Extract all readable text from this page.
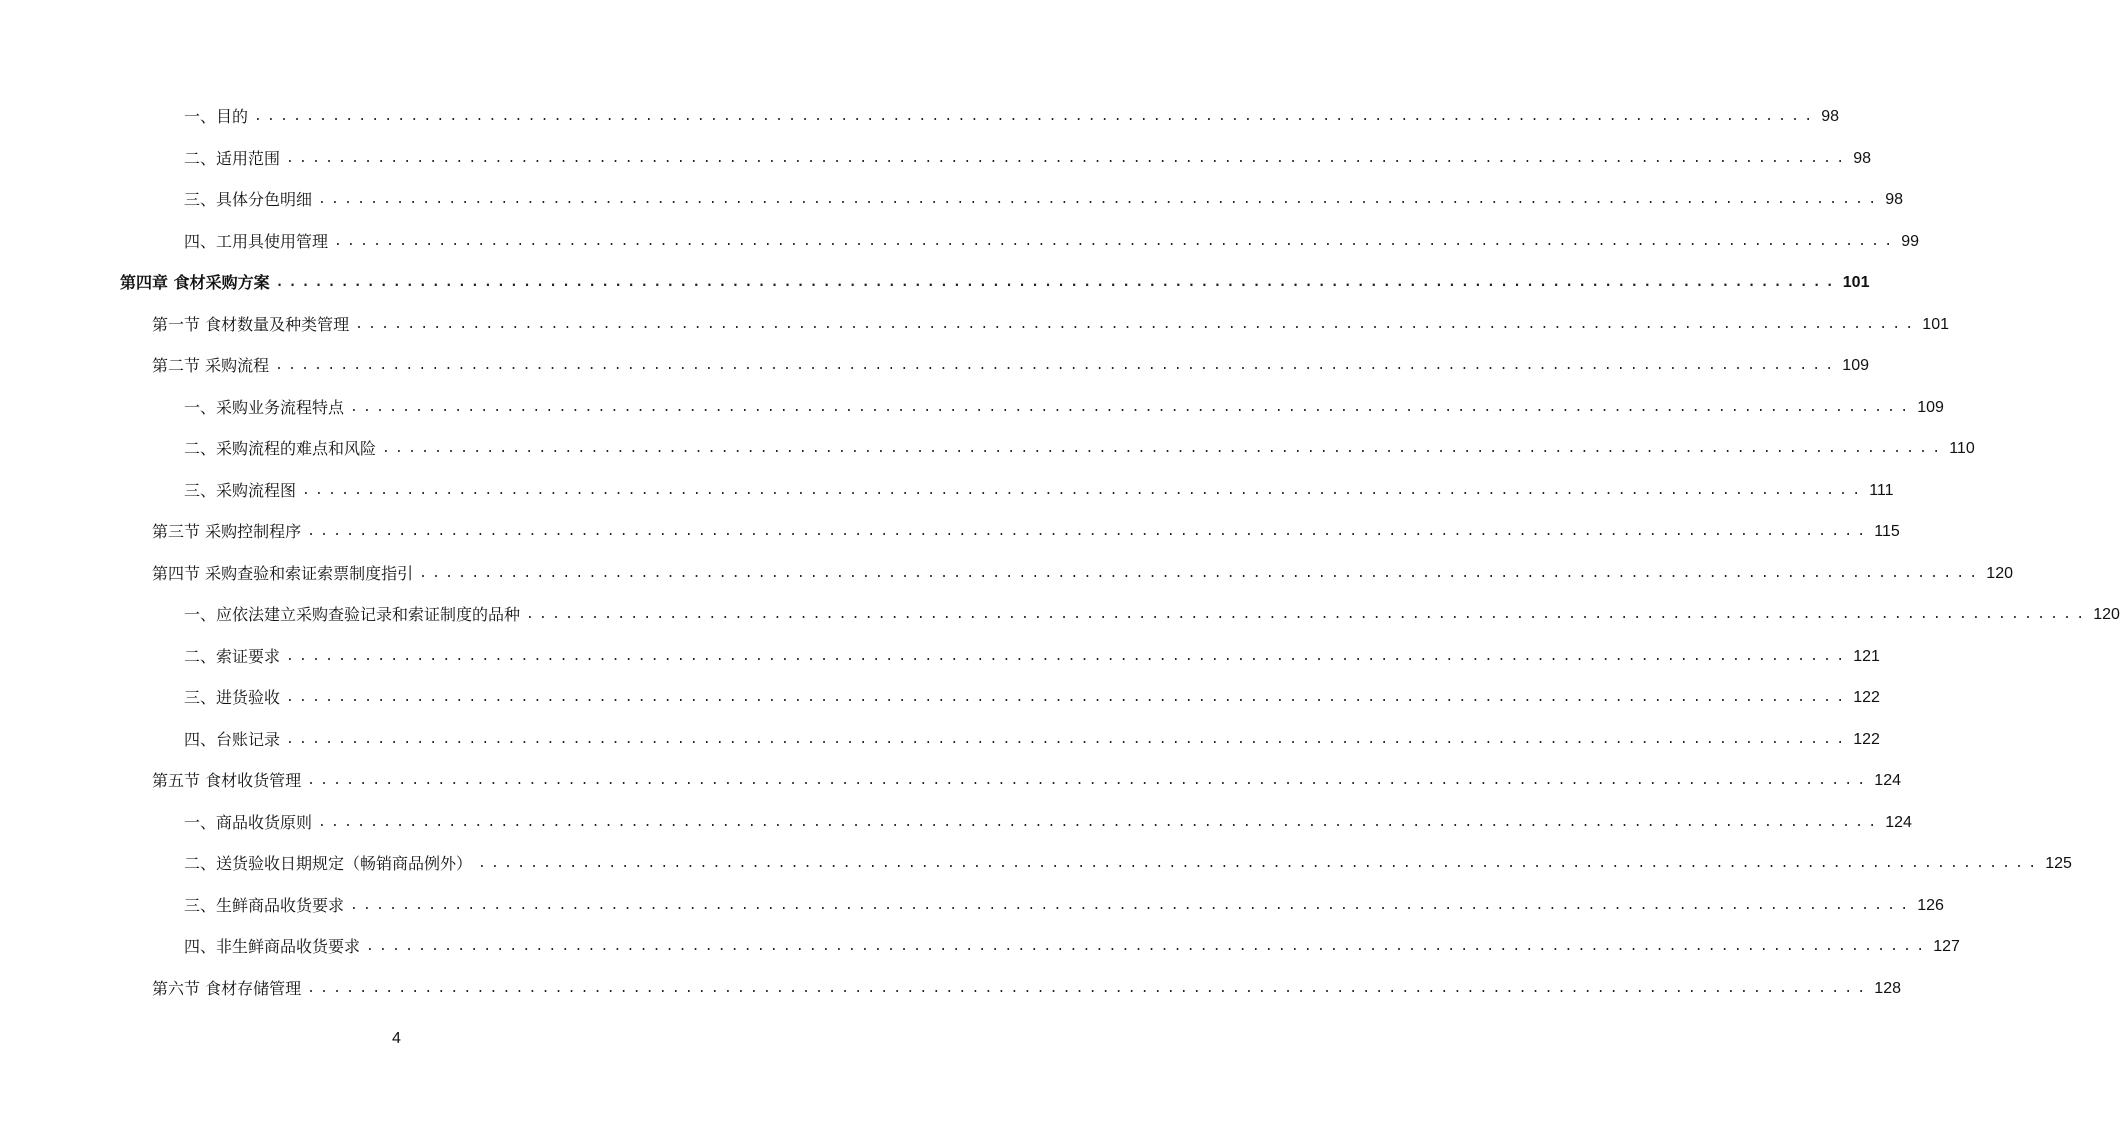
一、目的 ........................................................................................................................ 98
二、适用范围 ........................................................................................................................ 98
三、具体分色明细 ........................................................................................................................ 98
四、工用具使用管理 ........................................................................................................................ 99
第四章 食材采购方案 ........................................................................................................................ 101
第一节 食材数量及种类管理 ........................................................................................................................ 101
第二节 采购流程 ........................................................................................................................ 109
一、采购业务流程特点 ........................................................................................................................ 109
二、采购流程的难点和风险 ........................................................................................................................ 110
三、采购流程图 ........................................................................................................................ 111
第三节 采购控制程序 ........................................................................................................................ 115
第四节 采购查验和索证索票制度指引 ........................................................................................................................ 120
一、应依法建立采购查验记录和索证制度的品种 ........................................................................................................................ 120
二、索证要求 ........................................................................................................................ 121
三、进货验收 ........................................................................................................................ 122
四、台账记录 ........................................................................................................................ 122
第五节 食材收货管理 ........................................................................................................................ 124
一、商品收货原则 ........................................................................................................................ 124
二、送货验收日期规定（畅销商品例外） ........................................................................................................................ 125
三、生鲜商品收货要求 ........................................................................................................................ 126
四、非生鲜商品收货要求 ........................................................................................................................ 127
第六节 食材存储管理 ........................................................................................................................ 128
4
